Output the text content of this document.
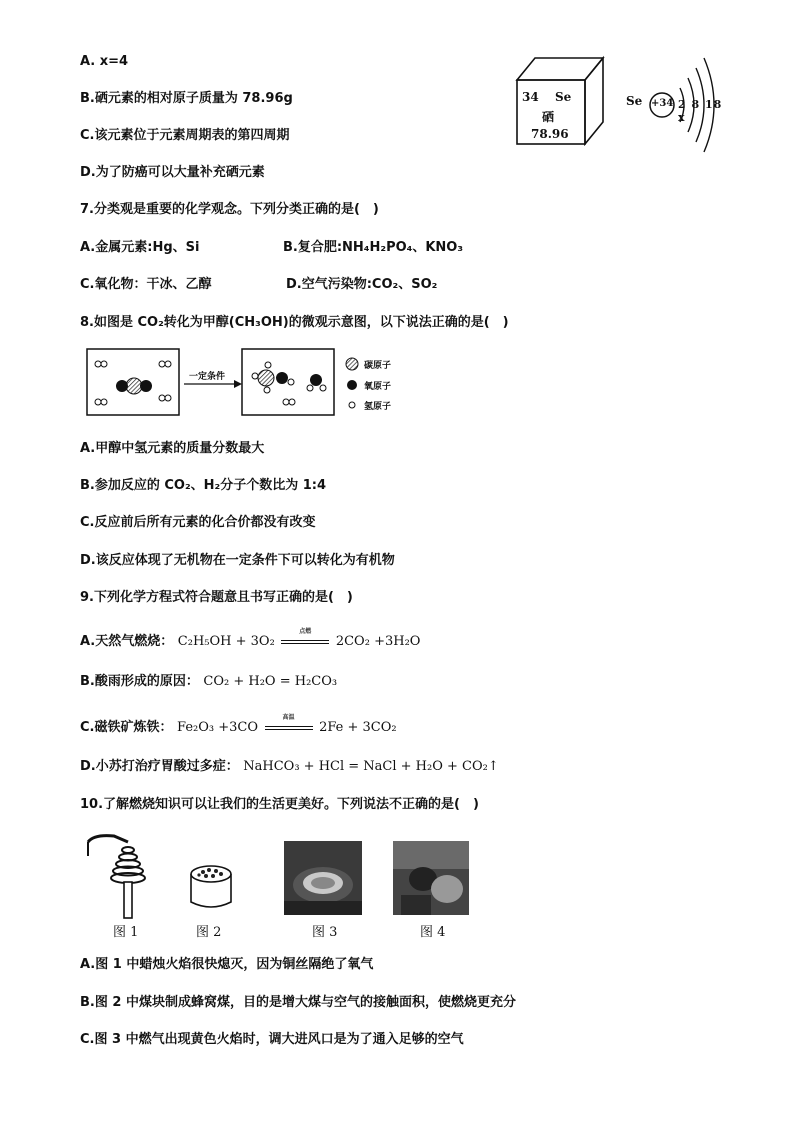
A. x=4
B.硒元素的相对原子质量为 78.96g
C.该元素位于元素周期表的第四周期
D.为了防癌可以大量补充硒元素
34 Se
硒
78.96
Se +34 2 8 18 x
7.分类观是重要的化学观念。下列分类正确的是(　)
A.金属元素:Hg、Si	B.复合肥:NH₄H₂PO₄、KNO₃
C.氧化物：干冰、乙醇	D.空气污染物:CO₂、SO₂
8.如图是 CO₂转化为甲醇(CH₃OH)的微观示意图，以下说法正确的是(　)
一定条件
碳原子
氧原子
氢原子
A.甲醇中氢元素的质量分数最大
B.参加反应的 CO₂、H₂分子个数比为 1:4
C.反应前后所有元素的化合价都没有改变
D.该反应体现了无机物在一定条件下可以转化为有机物
9.下列化学方程式符合题意且书写正确的是(　)
A.天然气燃烧： C₂H₅OH + 3O₂
点燃
2CO₂ +3H₂O
B.酸雨形成的原因： CO₂ + H₂O = H₂CO₃
C.磁铁矿炼铁： Fe₂O₃ +3CO
高温
2Fe + 3CO₂
D.小苏打治疗胃酸过多症： NaHCO₃ + HCl = NaCl + H₂O + CO₂↑
10.了解燃烧知识可以让我们的生活更美好。下列说法不正确的是(　)
图 1	图 2	图 3	图 4
A.图 1 中蜡烛火焰很快熄灭，因为铜丝隔绝了氧气
B.图 2 中煤块制成蜂窝煤，目的是增大煤与空气的接触面积，使燃烧更充分
C.图 3 中燃气出现黄色火焰时，调大进风口是为了通入足够的空气
